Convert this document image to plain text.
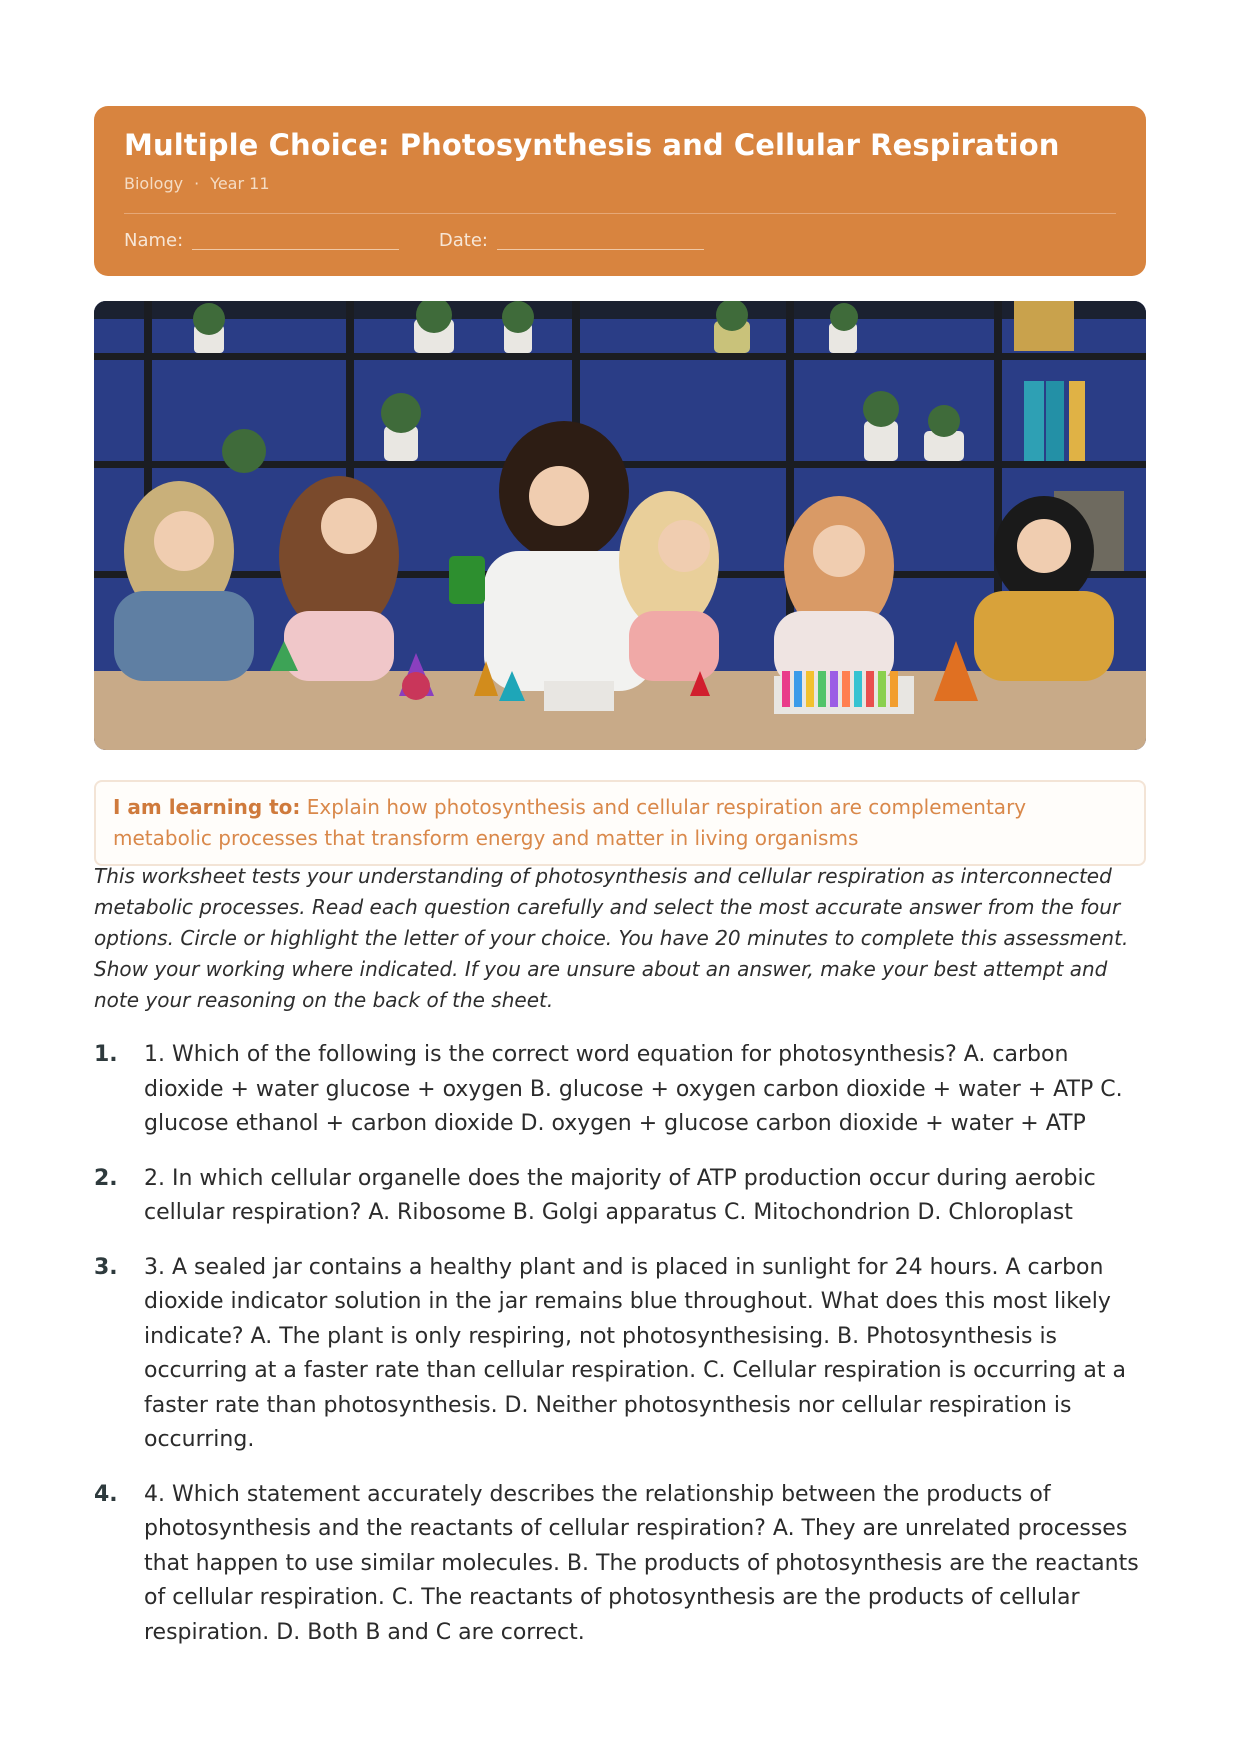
Multiple Choice: Photosynthesis and Cellular Respiration
Biology · Year 11
Name:	Date:
I am learning to: Explain how photosynthesis and cellular respiration are complementary metabolic processes that transform energy and matter in living organisms
This worksheet tests your understanding of photosynthesis and cellular respiration as interconnected metabolic processes. Read each question carefully and select the most accurate answer from the four options. Circle or highlight the letter of your choice. You have 20 minutes to complete this assessment. Show your working where indicated. If you are unsure about an answer, make your best attempt and note your reasoning on the back of the sheet.
1. 1. Which of the following is the correct word equation for photosynthesis? A. carbon dioxide + water glucose + oxygen B. glucose + oxygen carbon dioxide + water + ATP C. glucose ethanol + carbon dioxide D. oxygen + glucose carbon dioxide + water + ATP
2. 2. In which cellular organelle does the majority of ATP production occur during aerobic cellular respiration? A. Ribosome B. Golgi apparatus C. Mitochondrion D. Chloroplast
3. 3. A sealed jar contains a healthy plant and is placed in sunlight for 24 hours. A carbon dioxide indicator solution in the jar remains blue throughout. What does this most likely indicate? A. The plant is only respiring, not photosynthesising. B. Photosynthesis is occurring at a faster rate than cellular respiration. C. Cellular respiration is occurring at a faster rate than photosynthesis. D. Neither photosynthesis nor cellular respiration is occurring.
4. 4. Which statement accurately describes the relationship between the products of photosynthesis and the reactants of cellular respiration? A. They are unrelated processes that happen to use similar molecules. B. The products of photosynthesis are the reactants of cellular respiration. C. The reactants of photosynthesis are the products of cellular respiration. D. Both B and C are correct.
